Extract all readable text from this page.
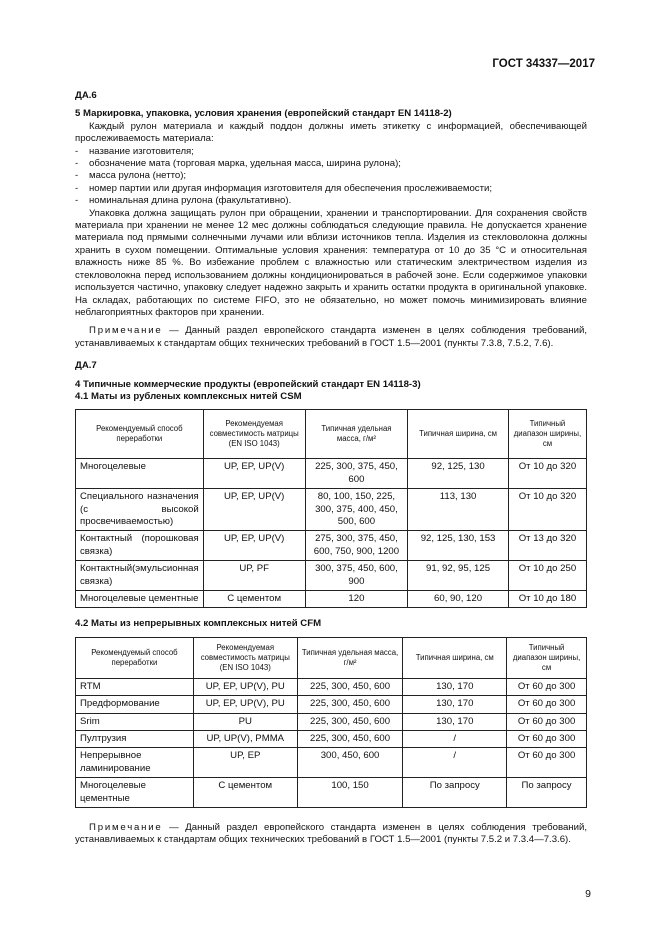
ГОСТ 34337—2017

ДА.6

5 Маркировка, упаковка, условия хранения (европейский стандарт EN 14118-2)

Каждый рулон материала и каждый поддон должны иметь этикетку с информацией, обеспечивающей прослеживаемость материала:

- название изготовителя;
- обозначение мата (торговая марка, удельная масса, ширина рулона);
- масса рулона (нетто);
- номер партии или другая информация изготовителя для обеспечения прослеживаемости;
- номинальная длина рулона (факультативно).

Упаковка должна защищать рулон при обращении, хранении и транспортировании. Для сохранения свойств материала при хранении не менее 12 мес должны соблюдаться следующие правила. Не допускается хранение материала под прямыми солнечными лучами или вблизи источников тепла. Изделия из стекловолокна должны хранить в сухом помещении. Оптимальные условия хранения: температура от 10 до 35 °С и относительная влажность ниже 85 %. Во избежание проблем с влажностью или статическим электричеством изделия из стекловолокна перед использованием должны кондиционироваться в рабочей зоне. Если содержимое упаковки используется частично, упаковку следует надежно закрыть и хранить остатки продукта в оригинальной упаковке. На складах, работающих по системе FIFO, это не обязательно, но может помочь минимизировать влияние неблагоприятных факторов при хранении.

Примечание — Данный раздел европейского стандарта изменен в целях соблюдения требований, устанавливаемых к стандартам общих технических требований в ГОСТ 1.5—2001 (пункты 7.3.8, 7.5.2, 7.6).

ДА.7

4 Типичные коммерческие продукты (европейский стандарт EN 14118-3)

4.1 Маты из рубленых комплексных нитей CSM

Рекомендуемый способ переработки	Рекомендуемая совместимость матрицы (EN ISO 1043)	Типичная удельная масса, г/м²	Типичная ширина, см	Типичный диапазон ширины, см
Многоцелевые	UP, EP, UP(V)	225, 300, 375, 450, 600	92, 125, 130	От 10 до 320
Специального назначения (с высокой просвечиваемостью)	UP, EP, UP(V)	80, 100, 150, 225, 300, 375, 400, 450, 500, 600	113, 130	От 10 до 320
Контактный (порошковая связка)	UP, EP, UP(V)	275, 300, 375, 450, 600, 750, 900, 1200	92, 125, 130, 153	От 13 до 320
Контактный(эмульсионная связка)	UP, PF	300, 375, 450, 600, 900	91, 92, 95, 125	От 10 до 250
Многоцелевые цементные	С цементом	120	60, 90, 120	От 10 до 180

4.2 Маты из непрерывных комплексных нитей CFM

Рекомендуемый способ переработки	Рекомендуемая совместимость матрицы (EN ISO 1043)	Типичная удельная масса, г/м²	Типичная ширина, см	Типичный диапазон ширины, см
RTM	UP, EP, UP(V), PU	225, 300, 450, 600	130, 170	От 60 до 300
Предформование	UP, EP, UP(V), PU	225, 300, 450, 600	130, 170	От 60 до 300
Srim	PU	225, 300, 450, 600	130, 170	От 60 до 300
Пултрузия	UP, UP(V), PMMA	225, 300, 450, 600	/	От 60 до 300
Непрерывное ламинирование	UP, EP	300, 450, 600	/	От 60 до 300
Многоцелевые цементные	С цементом	100, 150	По запросу	По запросу

Примечание — Данный раздел европейского стандарта изменен в целях соблюдения требований, устанавливаемых к стандартам общих технических требований в ГОСТ 1.5—2001 (пункты 7.5.2 и 7.3.4—7.3.6).

9
